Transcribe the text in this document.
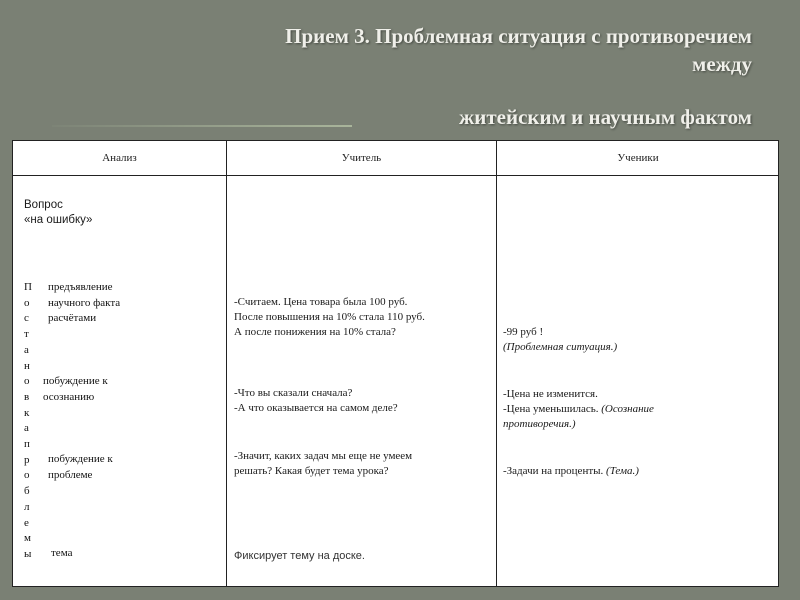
Прием 3. Проблемная ситуация с противоречием
между
житейским и научным фактом
Анализ	Учитель	Ученики
Вопрос
«на ошибку»
П
о
с
т
а
н
о
в
к
а
п
р
о
б
л
е
м
ы
предъявление
научного факта
расчётами
побуждение к
осознанию
побуждение к
проблеме
тема
-Считаем. Цена товара была 100 руб.
После повышения на 10% стала 110 руб.
А после понижения на 10% стала?
-Что вы сказали сначала?
-А что оказывается на самом деле?
-Значит, каких задач мы еще не умеем
решать? Какая будет тема урока?
Фиксирует тему на доске.
-99 руб !
(Проблемная ситуация.)
-Цена не изменится.
-Цена уменьшилась. (Осознание
противоречия.)
-Задачи на проценты. (Тема.)
